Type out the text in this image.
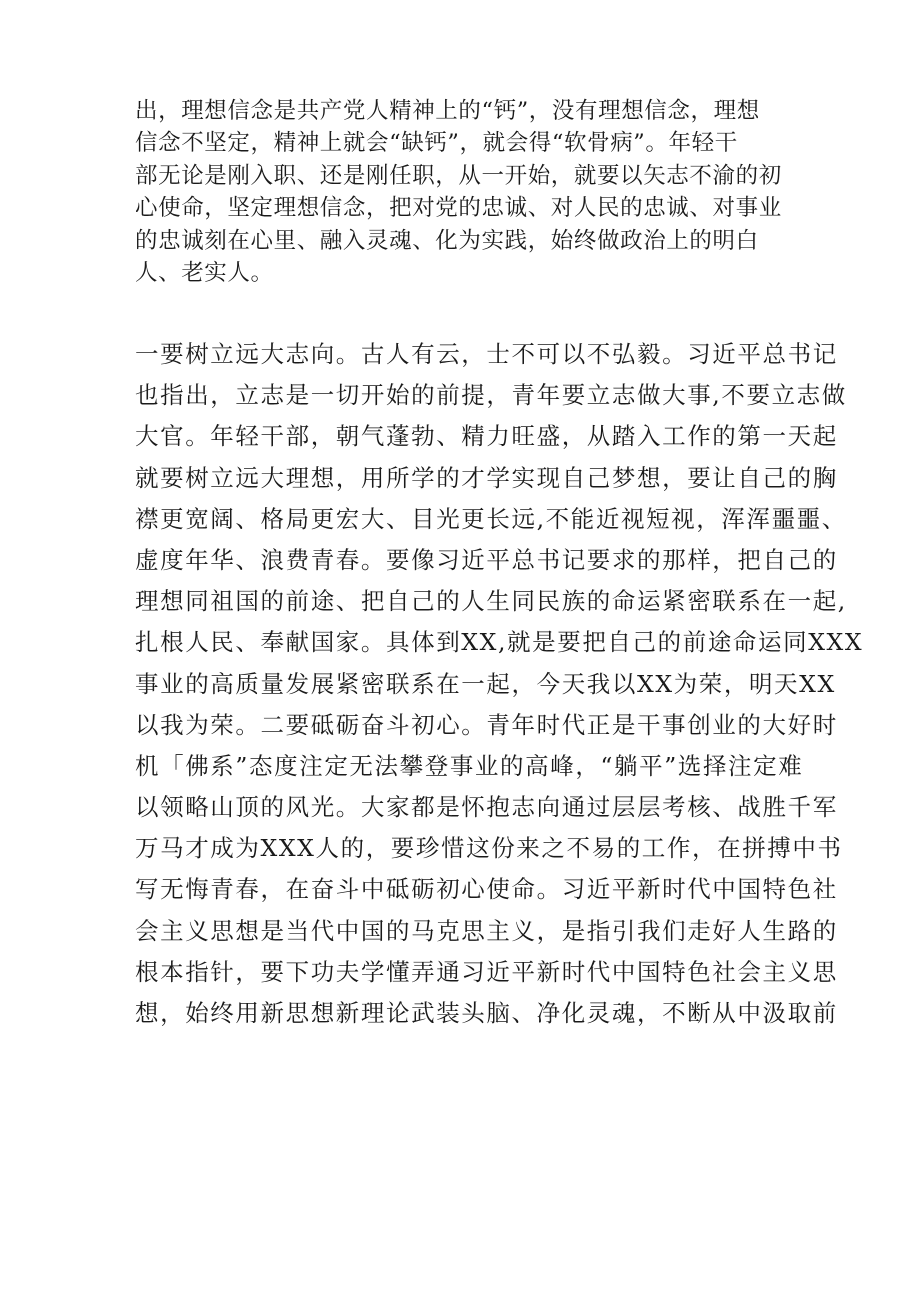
出，理想信念是共产党人精神上的“钙”，没有理想信念，理想
信念不坚定，精神上就会“缺钙”，就会得“软骨病”。年轻干
部无论是刚入职、还是刚任职，从一开始，就要以矢志不渝的初
心使命，坚定理想信念，把对党的忠诚、对人民的忠诚、对事业
的忠诚刻在心里、融入灵魂、化为实践，始终做政治上的明白
人、老实人。
一要树立远大志向。古人有云，士不可以不弘毅。习近平总书记
也指出，立志是一切开始的前提，青年要立志做大事,不要立志做
大官。年轻干部，朝气蓬勃、精力旺盛，从踏入工作的第一天起
就要树立远大理想，用所学的才学实现自己梦想，要让自己的胸
襟更宽阔、格局更宏大、目光更长远,不能近视短视，浑浑噩噩、
虚度年华、浪费青春。要像习近平总书记要求的那样，把自己的
理想同祖国的前途、把自己的人生同民族的命运紧密联系在一起,
扎根人民、奉献国家。具体到XX,就是要把自己的前途命运同XXX
事业的高质量发展紧密联系在一起，今天我以XX为荣，明天XX
以我为荣。二要砥砺奋斗初心。青年时代正是干事创业的大好时
机「佛系”态度注定无法攀登事业的高峰，“躺平”选择注定难
以领略山顶的风光。大家都是怀抱志向通过层层考核、战胜千军
万马才成为XXX人的，要珍惜这份来之不易的工作，在拼搏中书
写无悔青春，在奋斗中砥砺初心使命。习近平新时代中国特色社
会主义思想是当代中国的马克思主义，是指引我们走好人生路的
根本指针，要下功夫学懂弄通习近平新时代中国特色社会主义思
想，始终用新思想新理论武装头脑、净化灵魂，不断从中汲取前
